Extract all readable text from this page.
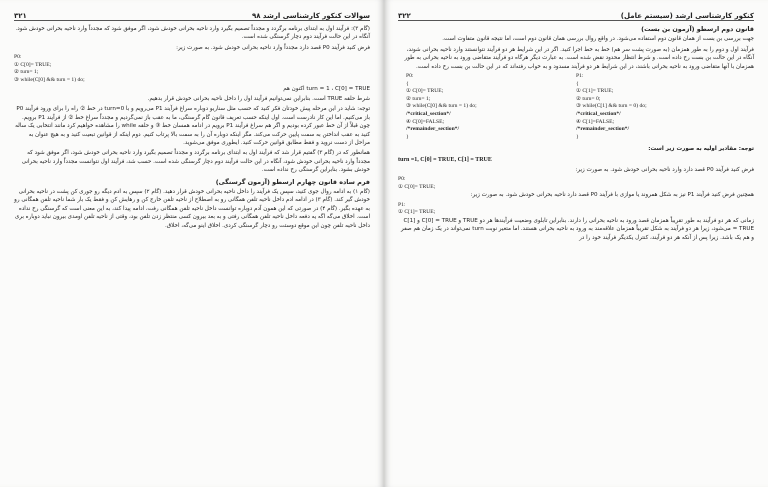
۳۲۱	سوالات کنکور کارشناسی ارشد ۹۸

(گام ۳): فرآیند اول به ابتدای برنامه برگردد و مجدداً تصمیم بگیرد وارد ناحیه بحرانی خودش شود، اگر موفق شود که مجدداً وارد ناحیه بحرانی خودش شود. آنگاه در این حالت فرآیند دوم دچار گرسنگی شده است.

فرض کنید فرآیند P0 قصد دارد مجدداً وارد ناحیه بحرانی خودش شود. به صورت زیر:

P0:
① C[0]= TRUE;
② turn= 1;
③ while(C[0] && turn = 1) do;

turn = 1 ، C[0] = TRUE اکنون هم

شرط حلقه TRUE است. بنابراین نمی‌توانیم فرآیند اول را داخل ناحیه بحرانی خودش قرار بدهیم.

توجه: شاید در این مرحله پیش خودتان فکر کنید که حسب مثل سناریو دوباره سراغ فرآیند P1 می‌رویم و با turn=0 در خط ② راه را برای ورود فرآیند P0 باز می‌کنیم. اما این کار نادرست است. اول اینکه حسب تعریف قانون گام گرسنگی، ما به عقب باز نمی‌گردیم و مجدداً سراغ خط ② از فرآیند P1 برویم. چون قبلاً از آن خط عبور کرده بودیم و اگر هم سراغ فرآیند P1 برویم در ادامه همسان خط ③ و حلقه while را مشاهده خواهیم کرد مانند انتخابی یک ساله کنید به عقب انداختن به سمت پایین حرکت می‌کند. مگر اینکه دوباره آن را به سمت بالا پرتاب کنیم. دوم اینکه از قوانین تبعیت کنید و به هیچ عنوان به مراحل از دست نروید و فقط مطابق قوانین حرکت کنید. ایطوری موفق می‌شوید.

همانطور که در (گام ۳) گفتیم قرار شد که فرآیند اول به ابتدای برنامه برگردد و مجدداً تصمیم بگیرد وارد ناحیه بحرانی خودش شود، اگر موفق شود که مجدداً وارد ناحیه بحرانی خودش شود، آنگاه در این حالت فرآیند دوم دچار گرسنگی شده است. حسب شد، فرآیند اول نتوانست مجدداً وارد ناحیه بحرانی خودش بشود. بنابراین گرسنگی رخ نداده است.

فرم ساده قانون چهارم ارسطو (آزمون گرسنگی)

(گام ۱) به ادامه روال جوی کنید، سپس یک فرآیند را داخل ناحیه بحرانی خودش قرار دهید. (گام ۲) سپس به ادم دیگه رو جوری کن پشت در ناحیه بحرانی خودش گیر کند. (گام ۳) در ادامه ادم داخل ناحیه تلفن همگانی رو به اصطلاح از ناحیه تلفن خارج کن و رهایش کن و فقط یک بار شما ناحیه تلفن همگانی رو به عهده بگیر. (گام ۴) در صورتی که این همون آدم دوباره توانست داخل ناحیه تلفن همگانی رفت، ادامه پیدا کند، به این معنی است که گرسنگی رخ نداده است. اخلاق می‌گه اگه یه دفعه داخل ناحیه تلفن همگانی رفتی و به بعد بیرون کسی منتظر زدن تلفن بود، وقتی از ناحیه تلفن اومدی بیرون نباید دوباره بری داخل ناحیه تلفن چون این موقع دوستت رو دچار گرسنگی کردی. اخلاق اینو می‌گه، اخلاق.

۳۲۲	کنکور کارشناسی ارشد (سیستم عامل)

قانون دوم ارسطو (آزمون بن بست)

جهت بررسی بن بست از همان قانون دوم استفاده می‌شود. در واقع روال بررسی همان قانون دوم است، اما نتیجه قانون متفاوت است.

فرآیند اول و دوم را به طور همزمان (به صورت پشت سر هم) خط به خط اجرا کنید. اگر در این شرایط هر دو فرآیند نتوانستند وارد ناحیه بحرانی شوند، آنگاه در این حالت بن بست رخ داده است. و شرط انتظار محدود نقض شده است. به عبارت دیگر هرگاه دو فرآیند متقاضی ورود به ناحیه بحرانی به طور همزمان با آنها متقاضی ورود به ناحیه بحرانی باشند، در این شرایط هر دو فرآیند مسدود و به خواب رفته‌اند که در این حالت بن بست رخ داده است.

P0:
{
① C[0]= TRUE;
② turn= 1;
③ while(C[0] && turn = 1) do;
/*critical_section*/
④ C[0]=FALSE;
/*remainder_section*/
}
P1:
{
① C[1]= TRUE;
② turn= 0;
③ while(C[1] && turn = 0) do;
/*critical_section*/
④ C[1]=FALSE;
/*remainder_section*/
}

توجه: مقادیر اولیه به صورت زیر است:

turn =1, C[0] = TRUE, C[1] = TRUE

فرض کنید فرآیند P0 قصد دارد وارد ناحیه بحرانی خودش شود. به صورت زیر:

P0:
① C[0]= TRUE;

همچنین فرض کنید فرآیند P1 نیز به شکل همروند یا موازی با فرآیند P0 قصد دارد ناحیه بحرانی خودش شود. به صورت زیر:

P1:
① C[1]= TRUE;

زمانی که هر دو فرآیند به طور تقریباً همزمان قصد ورود به ناحیه بحرانی را دارند. بنابراین تابلوی وضعیت فرآیندها هر دو TRUE و C[0] = TRUE و C[1] = TRUE می‌شود، زیرا هر دو فرآیند به شکل تقریباً همزمان علاقه‌مند به ورود به ناحیه بحرانی هستند. اما متغیر نوبت turn نمی‌تواند در یک زمان هم صفر و هم یک باشد. زیرا پس از آنکه هر دو فرآیند، کنترل یکدیگر فرآیند خود را در
